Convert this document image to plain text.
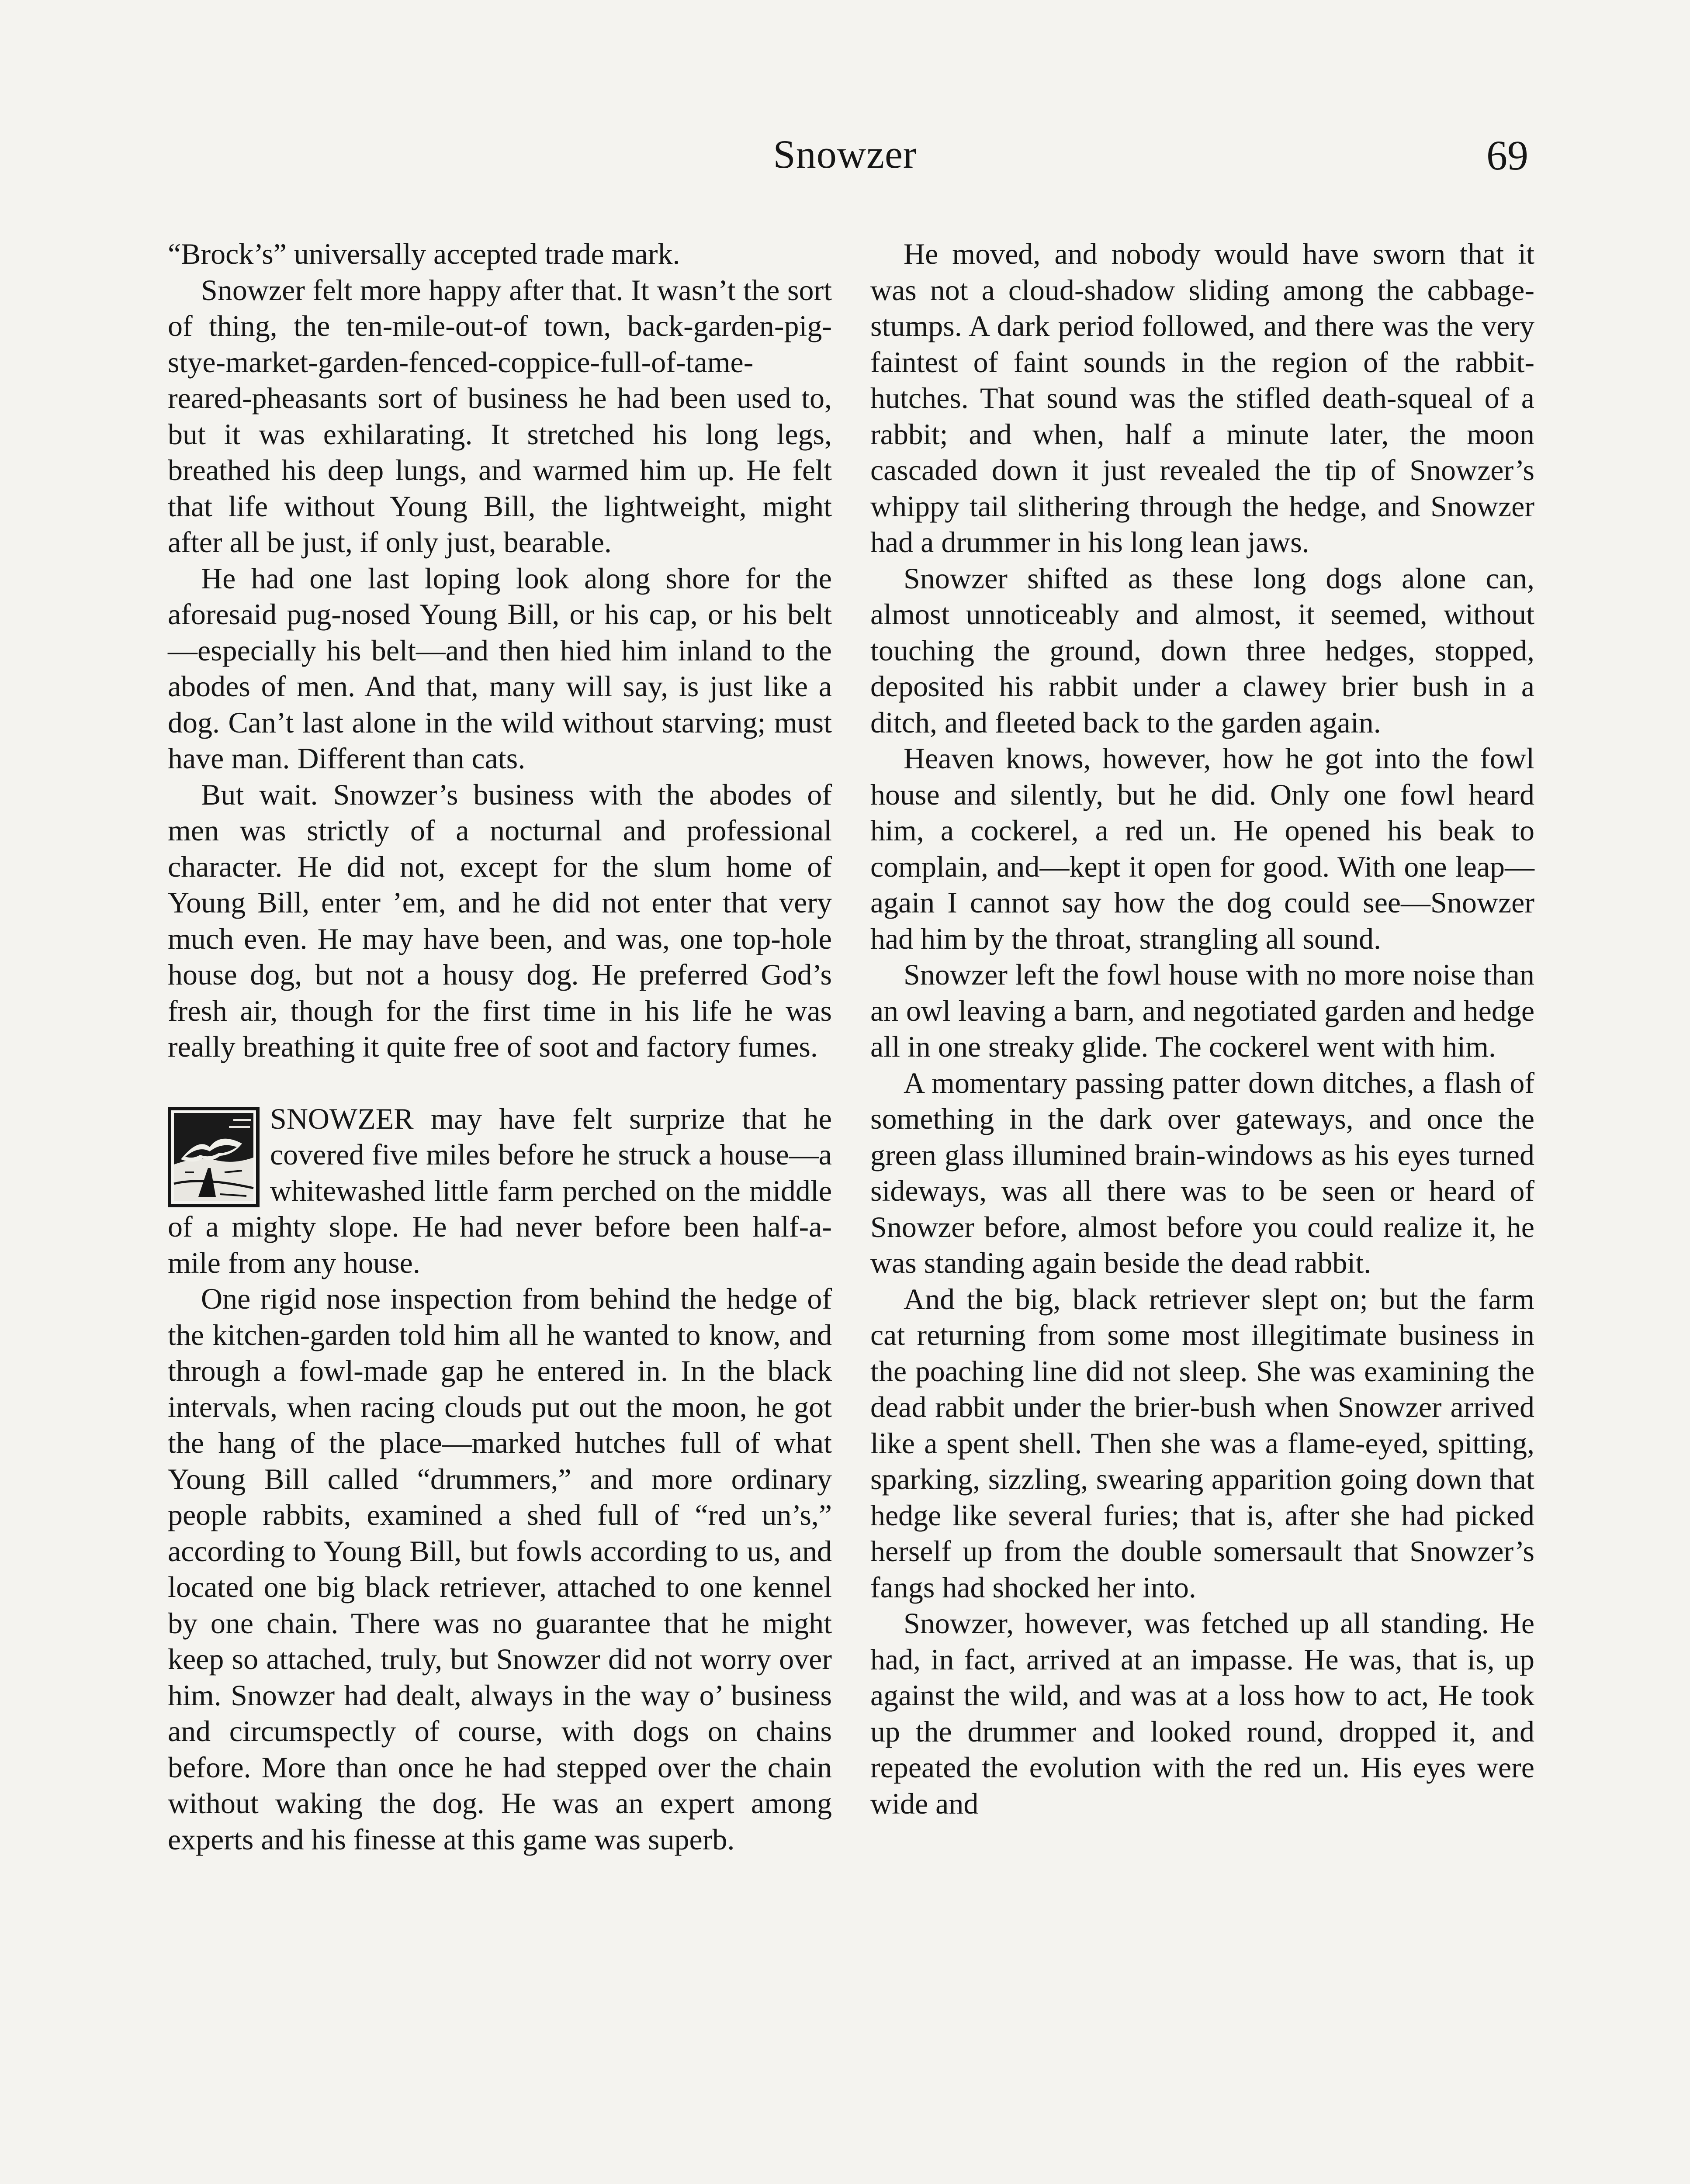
Snowzer	69

“Brock’s” universally accepted trade mark.

Snowzer felt more happy after that. It wasn’t the sort of thing, the ten-mile-out-of town, back-garden-pig-stye-market-garden-fenced-coppice-full-of-tame-reared-pheasants sort of business he had been used to, but it was exhilarating. It stretched his long legs, breathed his deep lungs, and warmed him up. He felt that life without Young Bill, the lightweight, might after all be just, if only just, bearable.

He had one last loping look along shore for the aforesaid pug-nosed Young Bill, or his cap, or his belt—especially his belt—and then hied him inland to the abodes of men. And that, many will say, is just like a dog. Can’t last alone in the wild without starving; must have man. Different than cats.

But wait. Snowzer’s business with the abodes of men was strictly of a nocturnal and professional character. He did not, except for the slum home of Young Bill, enter ’em, and he did not enter that very much even. He may have been, and was, one top-hole house dog, but not a housy dog. He preferred God’s fresh air, though for the first time in his life he was really breathing it quite free of soot and factory fumes.

SNOWZER may have felt surprize that he covered five miles before he struck a house—a whitewashed little farm perched on the middle of a mighty slope. He had never before been half-a-mile from any house.

One rigid nose inspection from behind the hedge of the kitchen-garden told him all he wanted to know, and through a fowl-made gap he entered in. In the black intervals, when racing clouds put out the moon, he got the hang of the place—marked hutches full of what Young Bill called “drummers,” and more ordinary people rabbits, examined a shed full of “red un’s,” according to Young Bill, but fowls according to us, and located one big black retriever, attached to one kennel by one chain. There was no guarantee that he might keep so attached, truly, but Snowzer did not worry over him. Snowzer had dealt, always in the way o’ business and circumspectly of course, with dogs on chains before. More than once he had stepped over the chain without waking the dog. He was an expert among experts and his finesse at this game was superb.

He moved, and nobody would have sworn that it was not a cloud-shadow sliding among the cabbage-stumps. A dark period followed, and there was the very faintest of faint sounds in the region of the rabbit-hutches. That sound was the stifled death-squeal of a rabbit; and when, half a minute later, the moon cascaded down it just revealed the tip of Snowzer’s whippy tail slithering through the hedge, and Snowzer had a drummer in his long lean jaws.

Snowzer shifted as these long dogs alone can, almost unnoticeably and almost, it seemed, without touching the ground, down three hedges, stopped, deposited his rabbit under a clawey brier bush in a ditch, and fleeted back to the garden again.

Heaven knows, however, how he got into the fowl house and silently, but he did. Only one fowl heard him, a cockerel, a red un. He opened his beak to complain, and—kept it open for good. With one leap—again I cannot say how the dog could see—Snowzer had him by the throat, strangling all sound.

Snowzer left the fowl house with no more noise than an owl leaving a barn, and negotiated garden and hedge all in one streaky glide. The cockerel went with him.

A momentary passing patter down ditches, a flash of something in the dark over gateways, and once the green glass illumined brain-windows as his eyes turned sideways, was all there was to be seen or heard of Snowzer before, almost before you could realize it, he was standing again beside the dead rabbit.

And the big, black retriever slept on; but the farm cat returning from some most illegitimate business in the poaching line did not sleep. She was examining the dead rabbit under the brier-bush when Snowzer arrived like a spent shell. Then she was a flame-eyed, spitting, sparking, sizzling, swearing apparition going down that hedge like several furies; that is, after she had picked herself up from the double somersault that Snowzer’s fangs had shocked her into.

Snowzer, however, was fetched up all standing. He had, in fact, arrived at an impasse. He was, that is, up against the wild, and was at a loss how to act, He took up the drummer and looked round, dropped it, and repeated the evolution with the red un. His eyes were wide and
